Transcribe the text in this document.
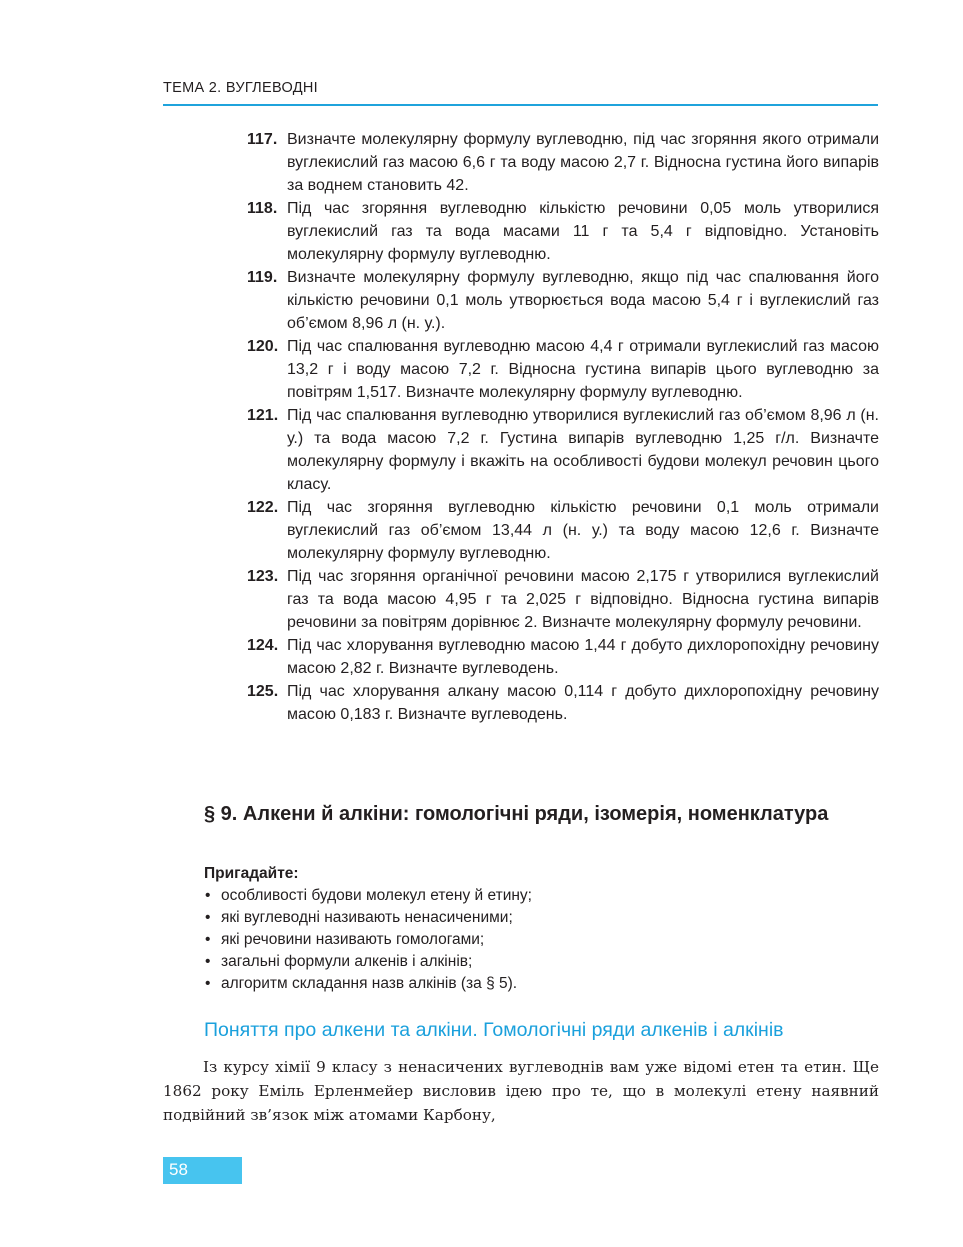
ТЕМА 2. ВУГЛЕВОДНІ
117. Визначте молекулярну формулу вуглеводню, під час згоряння якого отримали вуглекислий газ масою 6,6 г та воду масою 2,7 г. Відносна густина його випарів за воднем становить 42.
118. Під час згоряння вуглеводню кількістю речовини 0,05 моль утворилися вуглекислий газ та вода масами 11 г та 5,4 г відповідно. Установіть молекулярну формулу вуглеводню.
119. Визначте молекулярну формулу вуглеводню, якщо під час спалювання його кількістю речовини 0,1 моль утворюється вода масою 5,4 г і вуглекислий газ об’ємом 8,96 л (н. у.).
120. Під час спалювання вуглеводню масою 4,4 г отримали вуглекислий газ масою 13,2 г і воду масою 7,2 г. Відносна густина випарів цього вуглеводню за повітрям 1,517. Визначте молекулярну формулу вуглеводню.
121. Під час спалювання вуглеводню утворилися вуглекислий газ об’ємом 8,96 л (н. у.) та вода масою 7,2 г. Густина випарів вуглеводню 1,25 г/л. Визначте молекулярну формулу і вкажіть на особливості будови молекул речовин цього класу.
122. Під час згоряння вуглеводню кількістю речовини 0,1 моль отримали вуглекислий газ об’ємом 13,44 л (н. у.) та воду масою 12,6 г. Визначте молекулярну формулу вуглеводню.
123. Під час згоряння органічної речовини масою 2,175 г утворилися вуглекислий газ та вода масою 4,95 г та 2,025 г відповідно. Відносна густина випарів речовини за повітрям дорівнює 2. Визначте молекулярну формулу речовини.
124. Під час хлорування вуглеводню масою 1,44 г добуто дихлоропохідну речовину масою 2,82 г. Визначте вуглеводень.
125. Під час хлорування алкану масою 0,114 г добуто дихлоропохідну речовину масою 0,183 г. Визначте вуглеводень.
§ 9. Алкени й алкіни: гомологічні ряди, ізомерія, номенклатура
Пригадайте:
• особливості будови молекул етену й етину;
• які вуглеводні називають ненасиченими;
• які речовини називають гомологами;
• загальні формули алкенів і алкінів;
• алгоритм складання назв алкінів (за § 5).
Поняття про алкени та алкіни. Гомологічні ряди алкенів і алкінів
Із курсу хімії 9 класу з ненасичених вуглеводнів вам уже відомі етен та етин. Ще 1862 року Еміль Ерленмейер висловив ідею про те, що в молекулі етену наявний подвійний зв’язок між атомами Карбону,
58
